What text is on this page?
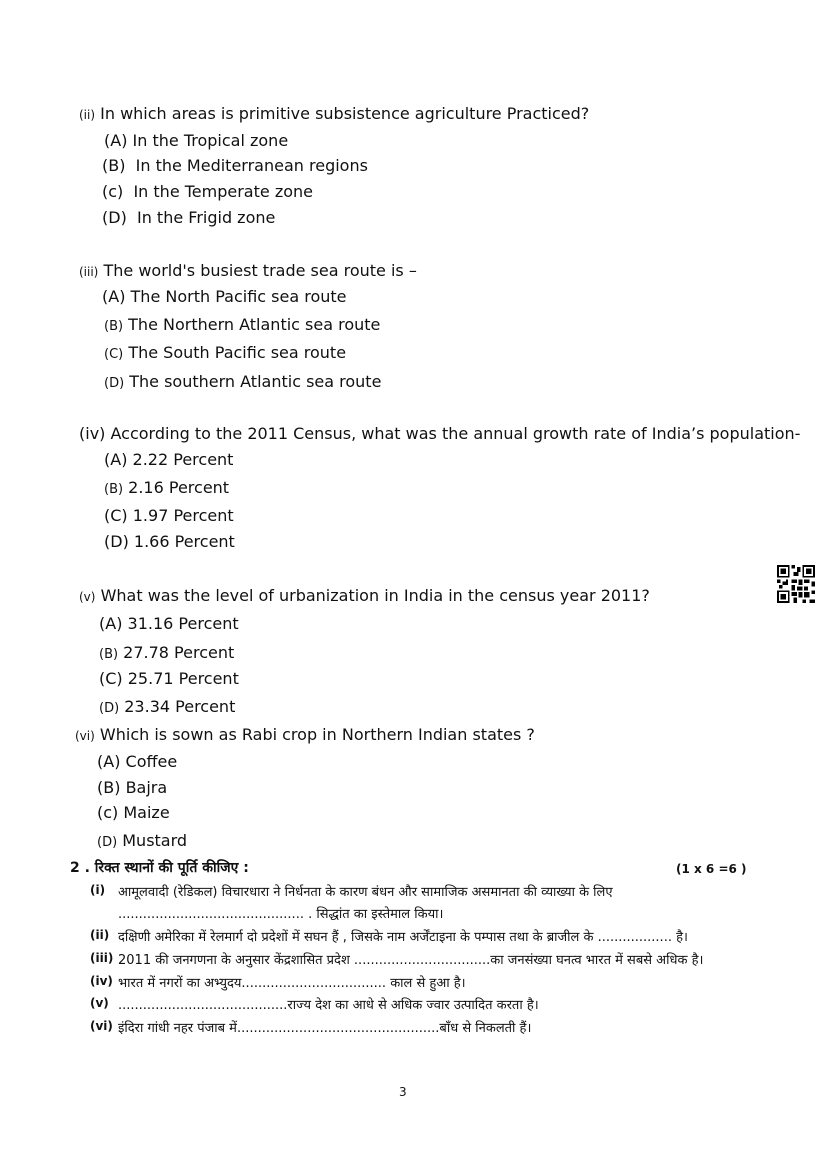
(ii) In which areas is primitive subsistence agriculture Practiced?
(A) In the Tropical zone
(B) In the Mediterranean regions
(c) In the Temperate zone
(D) In the Frigid zone
(iii) The world's busiest trade sea route is –
(A) The North Pacific sea route
(B) The Northern Atlantic sea route
(C) The South Pacific sea route
(D) The southern Atlantic sea route
(iv) According to the 2011 Census, what was the annual growth rate of India’s population-
(A) 2.22 Percent
(B) 2.16 Percent
(C) 1.97 Percent
(D) 1.66 Percent
(v) What was the level of urbanization in India in the census year 2011?
(A) 31.16 Percent
(B) 27.78 Percent
(C) 25.71 Percent
(D) 23.34 Percent
(vi) Which is sown as Rabi crop in Northern Indian states ?
(A) Coffee
(B) Bajra
(c) Maize
(D) Mustard
2 . रिक्त स्थानों की पूर्ति कीजिए :	(1 x 6 =6 )
(i) आमूलवादी (रेडिकल) विचारधारा ने निर्धनता के कारण बंधन और सामाजिक असमानता की व्याख्या के लिए
............................................. . सिद्धांत का इस्तेमाल किया।
(ii) दक्षिणी अमेरिका में रेलमार्ग दो प्रदेशों में सघन हैं , जिसके नाम अर्जेंटाइना के पम्पास तथा के ब्राजील के .................. है।
(iii) 2011 की जनगणना के अनुसार केंद्रशासित प्रदेश .................................का जनसंख्या घनत्व भारत में सबसे अधिक है।
(iv) भारत में नगरों का अभ्युदय................................... काल से हुआ है।
(v) .........................................राज्य देश का आधे से अधिक ज्वार उत्पादित करता है।
(vi) इंदिरा गांधी नहर पंजाब में.................................................बाँध से निकलती हैं।
3
